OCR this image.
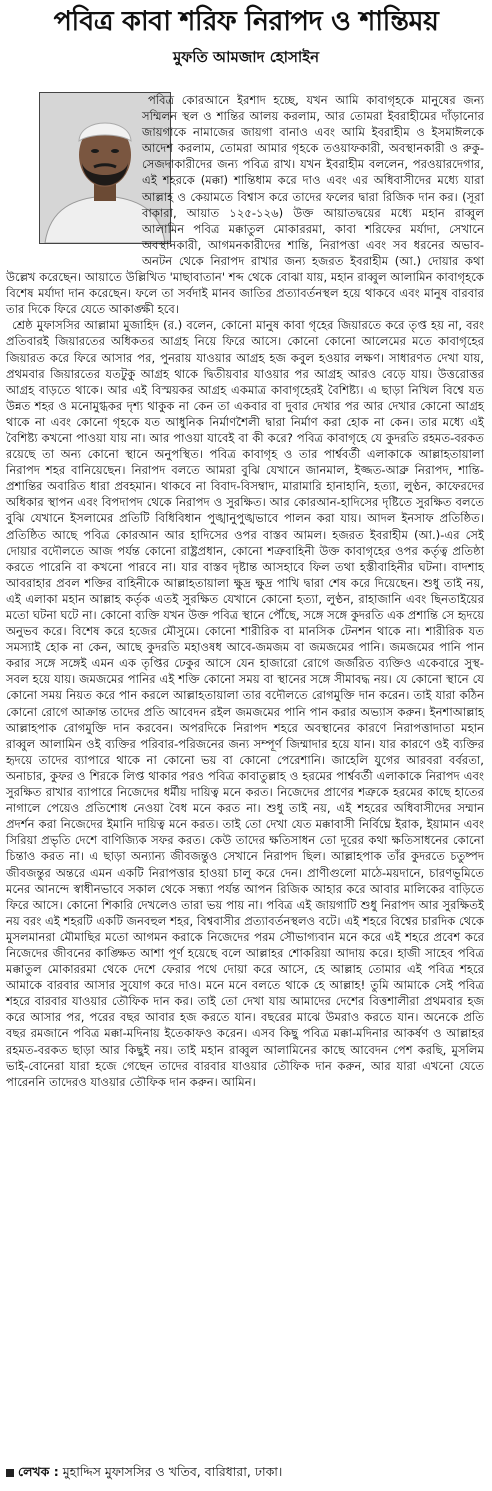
পবিত্র কাবা শরিফ নিরাপদ ও শান্তিময়
মুফতি আমজাদ হোসাইন

পবিত্র কোরআনে ইরশাদ হচ্ছে, যখন আমি কাবাগৃহকে মানুষের জন্য সম্মিলন স্থল ও শান্তির আলয় করলাম, আর তোমরা ইবরাহীমের দাঁড়ানোর জায়গাকে নামাজের জায়গা বানাও এবং আমি ইবরাহীম ও ইসমাঈলকে আদেশ করলাম, তোমরা আমার গৃহকে তওয়াফকারী, অবস্থানকারী ও রুকু-সেজদাকারীদের জন্য পবিত্র রাখ। যখন ইবরাহীম বললেন, পরওয়ারদেগার, এই শহরকে (মক্কা) শান্তিধাম করে দাও এবং এর অধিবাসীদের মধ্যে যারা আল্লাহ ও কেয়ামতে বিশ্বাস করে তাদের ফলের দ্বারা রিজিক দান কর। (সূরা বাকারা, আয়াত ১২৫-১২৬) উক্ত আয়াতদ্বয়ের মধ্যে মহান রাব্বুল আলামিন পবিত্র মক্কাতুল মোকাররমা, কাবা শরিফের মর্যাদা, সেখানে অবস্থানকারী, আগমনকারীদের শান্তি, নিরাপত্তা এবং সব ধরনের অভাব-অনটন থেকে নিরাপদ রাখার জন্য হজরত ইবরাহীম (আ.) দোয়ার কথা উল্লেখ করেছেন। আয়াতে উল্লিখিত 'মাছাবাতান' শব্দ থেকে বোঝা যায়, মহান রাব্বুল আলামিন কাবাগৃহকে বিশেষ মর্যাদা দান করেছেন। ফলে তা সর্বদাই মানব জাতির প্রত্যাবর্তনস্থল হয়ে থাকবে এবং মানুষ বারবার তার দিকে ফিরে যেতে আকাঙ্ক্ষী হবে।

শ্রেষ্ঠ মুফাসসির আল্লামা মুজাহিদ (র.) বলেন, কোনো মানুষ কাবা গৃহের জিয়ারতে করে তৃপ্ত হয় না, বরং প্রতিবারই জিয়ারতের অধিকতর আগ্রহ নিয়ে ফিরে আসে। কোনো কোনো আলেমের মতে কাবাগৃহের জিয়ারত করে ফিরে আসার পর, পুনরায় যাওয়ার আগ্রহ হজ কবুল হওয়ার লক্ষণ। সাধারণত দেখা যায়, প্রথমবার জিয়ারতের যতটুকু আগ্রহ থাকে দ্বিতীয়বার যাওয়ার পর আগ্রহ আরও বেড়ে যায়। উত্তরোত্তর আগ্রহ বাড়তে থাকে। আর এই বিস্ময়কর আগ্রহ একমাত্র কাবাগৃহেরই বৈশিষ্ট্য। এ ছাড়া নিখিল বিশ্বে যত উন্নত শহর ও মনোমুগ্ধকর দৃশ্য থাকুক না কেন তা একবার বা দুবার দেখার পর আর দেখার কোনো আগ্রহ থাকে না এবং কোনো গৃহকে যত আধুনিক নির্মাণশৈলী দ্বারা নির্মাণ করা হোক না কেন। তার মধ্যে এই বৈশিষ্ট্য কখনো পাওয়া যায় না। আর পাওয়া যাবেই বা কী করে? পবিত্র কাবাগৃহে যে কুদরতি রহমত-বরকত রয়েছে তা অন্য কোনো স্থানে অনুপস্থিত। পবিত্র কাবাগৃহ ও তার পার্শ্ববর্তী এলাকাকে আল্লাহতায়ালা নিরাপদ শহর বানিয়েছেন। নিরাপদ বলতে আমরা বুঝি যেখানে জানমাল, ইজ্জত-আব্রু নিরাপদ, শান্তি-প্রশান্তির অবারিত ধারা প্রবহমান। থাকবে না বিবাদ-বিসম্বাদ, মারামারি হানাহানি, হত্যা, লুণ্ঠন, কাফেরদের অধিকার স্থাপন এবং বিপদাপদ থেকে নিরাপদ ও সুরক্ষিত। আর কোরআন-হাদিসের দৃষ্টিতে সুরক্ষিত বলতে বুঝি যেখানে ইসলামের প্রতিটি বিধিবিধান পুঙ্খানুপুঙ্খভাবে পালন করা যায়। আদল ইনসাফ প্রতিষ্ঠিত। প্রতিষ্ঠিত আছে পবিত্র কোরআন আর হাদিসের ওপর বাস্তব আমল। হজরত ইবরাহীম (আ.)-এর সেই দোয়ার বদৌলতে আজ পর্যন্ত কোনো রাষ্ট্রপ্রধান, কোনো শত্রুবাহিনী উক্ত কাবাগৃহের ওপর কর্তৃত্ব প্রতিষ্ঠা করতে পারেনি বা কখনো পারবে না। যার বাস্তব দৃষ্টান্ত আসহাবে ফিল তথা হস্তীবাহিনীর ঘটনা। বাদশাহ আবরাহার প্রবল শক্তির বাহিনীকে আল্লাহতায়ালা ক্ষুদ্র ক্ষুদ্র পাখি দ্বারা শেষ করে দিয়েছেন। শুধু তাই নয়, এই এলাকা মহান আল্লাহ কর্তৃক এতই সুরক্ষিত যেখানে কোনো হত্যা, লুণ্ঠন, রাহাজানি এবং ছিনতাইয়ের মতো ঘটনা ঘটে না। কোনো ব্যক্তি যখন উক্ত পবিত্র স্থানে পৌঁছে, সঙ্গে সঙ্গে কুদরতি এক প্রশান্তি সে হৃদয়ে অনুভব করে। বিশেষ করে হজের মৌসুমে। কোনো শারীরিক বা মানসিক টেনশন থাকে না। শারীরিক যত সমস্যাই হোক না কেন, আছে কুদরতি মহাওষধ আবে-জমজম বা জমজমের পানি। জমজমের পানি পান করার সঙ্গে সঙ্গেই এমন এক তৃপ্তির ঢেকুর আসে যেন হাজারো রোগে জর্জরিত ব্যক্তিও একেবারে সুস্থ-সবল হয়ে যায়। জমজমের পানির এই শক্তি কোনো সময় বা স্থানের সঙ্গে সীমাবদ্ধ নয়। যে কোনো স্থানে যে কোনো সময় নিয়ত করে পান করলে আল্লাহতায়ালা তার বদৌলতে রোগমুক্তি দান করেন। তাই যারা কঠিন কোনো রোগে আক্রান্ত তাদের প্রতি আবেদন রইল জমজমের পানি পান করার অভ্যাস করুন। ইনশাআল্লাহ আল্লাহপাক রোগমুক্তি দান করবেন। অপরদিকে নিরাপদ শহরে অবস্থানের কারণে নিরাপত্তাদাতা মহান রাব্বুল আলামিন ওই ব্যক্তির পরিবার-পরিজনের জন্য সম্পূর্ণ জিম্মাদার হয়ে যান। যার কারণে ওই ব্যক্তির হৃদয়ে তাদের ব্যাপারে থাকে না কোনো ভয় বা কোনো পেরেশানি। জাহেলি যুগের আরবরা বর্বরতা, অনাচার, কুফর ও শিরকে লিপ্ত থাকার পরও পবিত্র কাবাতুল্লাহ ও হরমের পার্শ্ববর্তী এলাকাকে নিরাপদ এবং সুরক্ষিত রাখার ব্যাপারে নিজেদের ধর্মীয় দায়িত্ব মনে করত। নিজেদের প্রাণের শত্রুকে হরমের কাছে হাতের নাগালে পেয়েও প্রতিশোধ নেওয়া বৈধ মনে করত না। শুধু তাই নয়, এই শহরের অধিবাসীদের সম্মান প্রদর্শন করা নিজেদের ইমানি দায়িত্ব মনে করত। তাই তো দেখা যেত মক্কাবাসী নির্বিঘ্নে ইরাক, ইয়ামান এবং সিরিয়া প্রভৃতি দেশে বাণিজ্যিক সফর করত। কেউ তাদের ক্ষতিসাধন তো দূরের কথা ক্ষতিসাধনের কোনো চিন্তাও করত না। এ ছাড়া অন্যান্য জীবজন্তুও সেখানে নিরাপদ ছিল। আল্লাহপাক তাঁর কুদরতে চতুষ্পদ জীবজন্তুর অন্তরে এমন একটি নিরাপত্তার হাওয়া চালু করে দেন। প্রাণীগুলো মাঠে-ময়দানে, চারণভূমিতে মনের আনন্দে স্বাধীনভাবে সকাল থেকে সন্ধ্যা পর্যন্ত আপন রিজিক আহার করে আবার মালিকের বাড়িতে ফিরে আসে। কোনো শিকারি দেখলেও তারা ভয় পায় না। পবিত্র এই জায়গাটি শুধু নিরাপদ আর সুরক্ষিতই নয় বরং এই শহরটি একটি জনবহুল শহর, বিশ্ববাসীর প্রত্যাবর্তনস্থলও বটে। এই শহরে বিশ্বের চারদিক থেকে মুসলমানরা মৌমাছির মতো আগমন করাকে নিজেদের পরম সৌভাগ্যবান মনে করে এই শহরে প্রবেশ করে নিজেদের জীবনের কাঙ্ক্ষিত আশা পূর্ণ হয়েছে বলে আল্লাহর শোকরিয়া আদায় করে। হাজী সাহেব পবিত্র মক্কাতুল মোকাররমা থেকে দেশে ফেরার পথে দোয়া করে আসে, হে আল্লাহ তোমার এই পবিত্র শহরে আমাকে বারবার আসার সুযোগ করে দাও। মনে মনে বলতে থাকে হে আল্লাহ! তুমি আমাকে সেই পবিত্র শহরে বারবার যাওয়ার তৌফিক দান কর। তাই তো দেখা যায় আমাদের দেশের বিত্তশালীরা প্রথমবার হজ করে আসার পর, পরের বছর আবার হজ করতে যান। বছরের মাঝে উমরাও করতে যান। অনেকে প্রতি বছর রমজানে পবিত্র মক্কা-মদিনায় ইতেকাফও করেন। এসব কিছু পবিত্র মক্কা-মদিনার আকর্ষণ ও আল্লাহর রহমত-বরকত ছাড়া আর কিছুই নয়। তাই মহান রাব্বুল আলামিনের কাছে আবেদন পেশ করছি, মুসলিম ভাই-বোনেরা যারা হজে গেছেন তাদের বারবার যাওয়ার তৌফিক দান করুন, আর যারা এখনো যেতে পারেননি তাদেরও যাওয়ার তৌফিক দান করুন। আমিন।

লেখক : মুহাদ্দিস মুফাসসির ও খতিব, বারিধারা, ঢাকা।
